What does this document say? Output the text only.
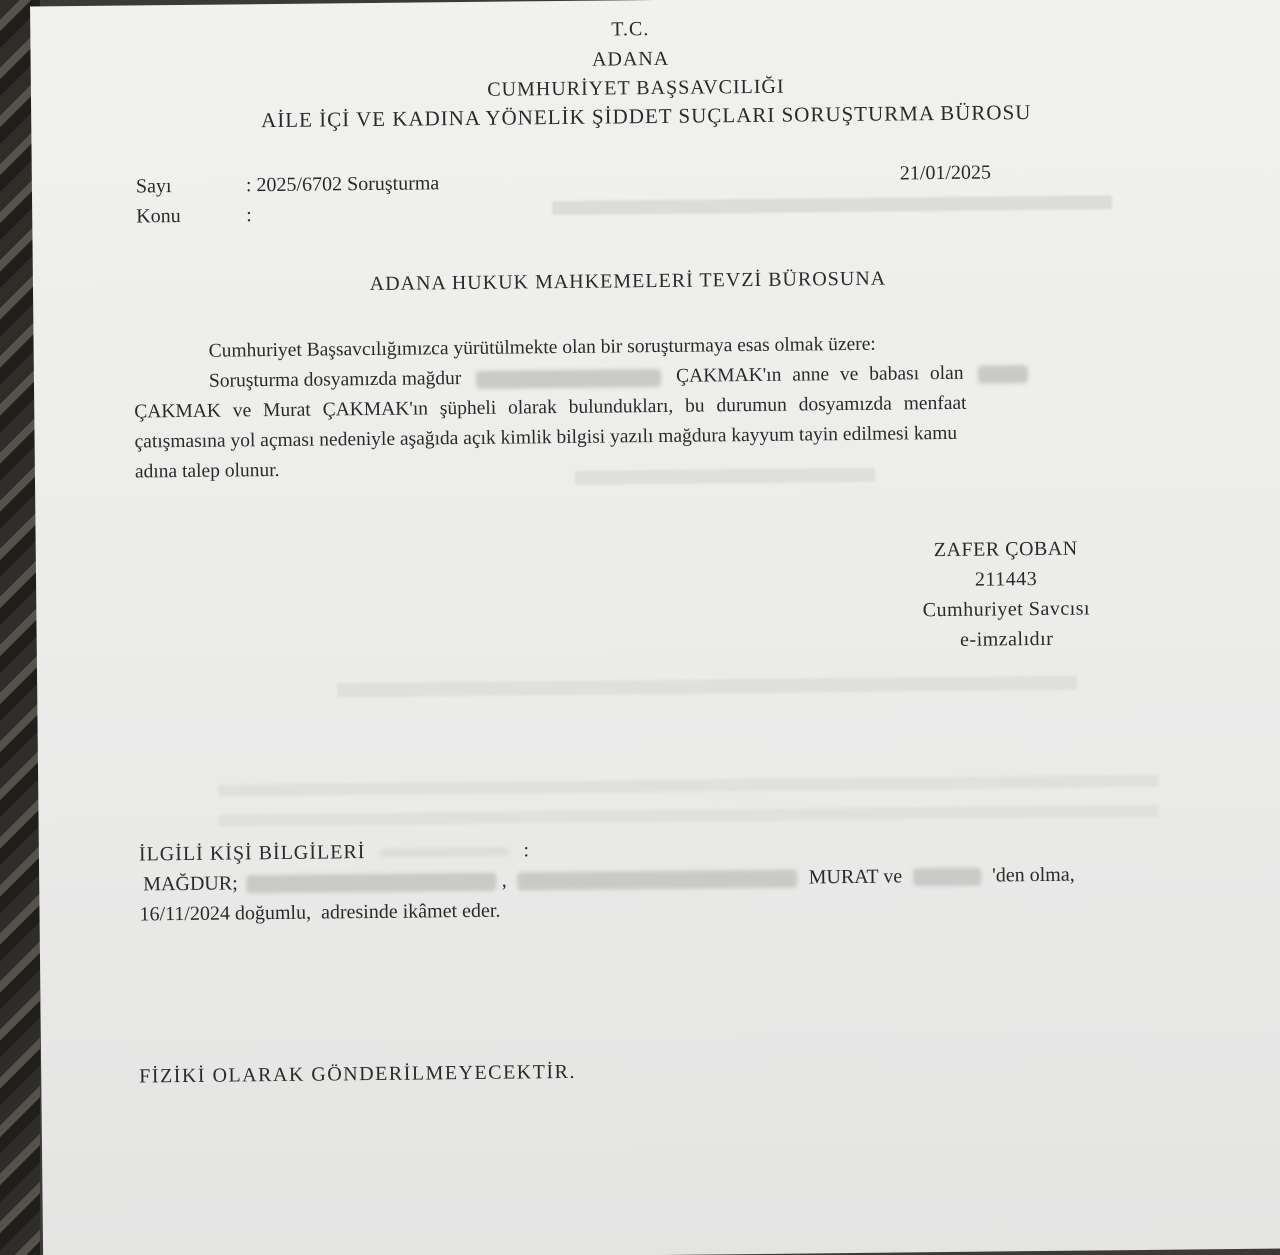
T.C.
ADANA
CUMHURİYET BAŞSAVCILIĞI
AİLE İÇİ VE KADINA YÖNELİK ŞİDDET SUÇLARI SORUŞTURMA BÜROSU
Sayı	: 2025/6702 Soruşturma	21/01/2025
Konu	:
ADANA HUKUK MAHKEMELERİ TEVZİ BÜROSUNA
Cumhuriyet Başsavcılığımızca yürütülmekte olan bir soruşturmaya esas olmak üzere:
Soruşturma dosyamızda mağdur	ÇAKMAK'ın anne ve babası olan
ÇAKMAK ve Murat ÇAKMAK'ın şüpheli olarak bulundukları, bu durumun dosyamızda menfaat
çatışmasına yol açması nedeniyle aşağıda açık kimlik bilgisi yazılı mağdura kayyum tayin edilmesi kamu
adına talep olunur.
ZAFER ÇOBAN
211443
Cumhuriyet Savcısı
e-imzalıdır
İLGİLİ KİŞİ BİLGİLERİ	:
MAĞDUR;	,	MURAT ve	'den olma,
16/11/2024 doğumlu,  adresinde ikâmet eder.
FİZİKİ OLARAK GÖNDERİLMEYECEKTİR.
